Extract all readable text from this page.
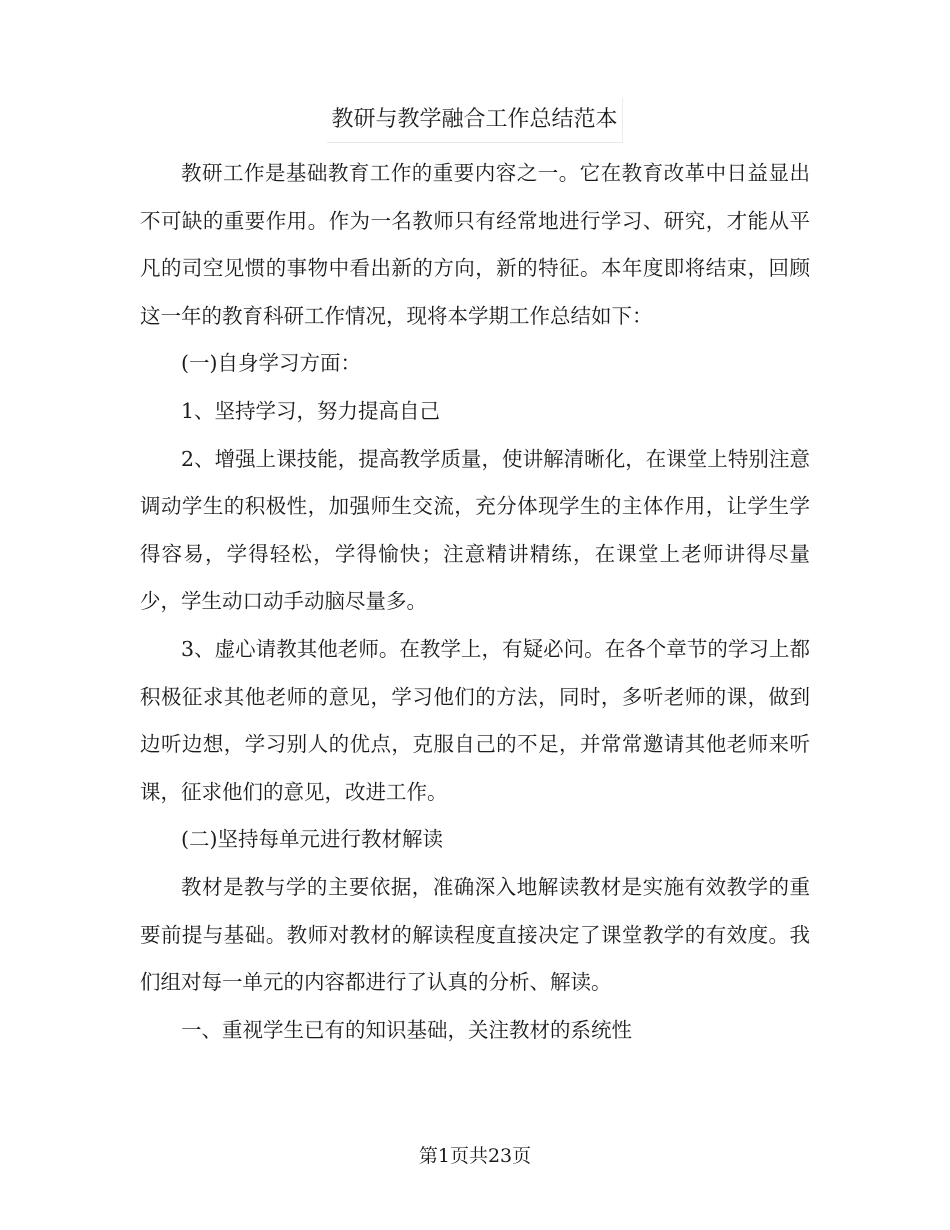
教研与教学融合工作总结范本

教研工作是基础教育工作的重要内容之一。它在教育改革中日益显出不可缺的重要作用。作为一名教师只有经常地进行学习、研究，才能从平凡的司空见惯的事物中看出新的方向，新的特征。本年度即将结束，回顾这一年的教育科研工作情况，现将本学期工作总结如下：

(一)自身学习方面：

1、坚持学习，努力提高自己

2、增强上课技能，提高教学质量，使讲解清晰化，在课堂上特别注意调动学生的积极性，加强师生交流，充分体现学生的主体作用，让学生学得容易，学得轻松，学得愉快；注意精讲精练，在课堂上老师讲得尽量少，学生动口动手动脑尽量多。

3、虚心请教其他老师。在教学上，有疑必问。在各个章节的学习上都积极征求其他老师的意见，学习他们的方法，同时，多听老师的课，做到边听边想，学习别人的优点，克服自己的不足，并常常邀请其他老师来听课，征求他们的意见，改进工作。

(二)坚持每单元进行教材解读

教材是教与学的主要依据，准确深入地解读教材是实施有效教学的重要前提与基础。教师对教材的解读程度直接决定了课堂教学的有效度。我们组对每一单元的内容都进行了认真的分析、解读。

一、重视学生已有的知识基础，关注教材的系统性

第1页共23页
